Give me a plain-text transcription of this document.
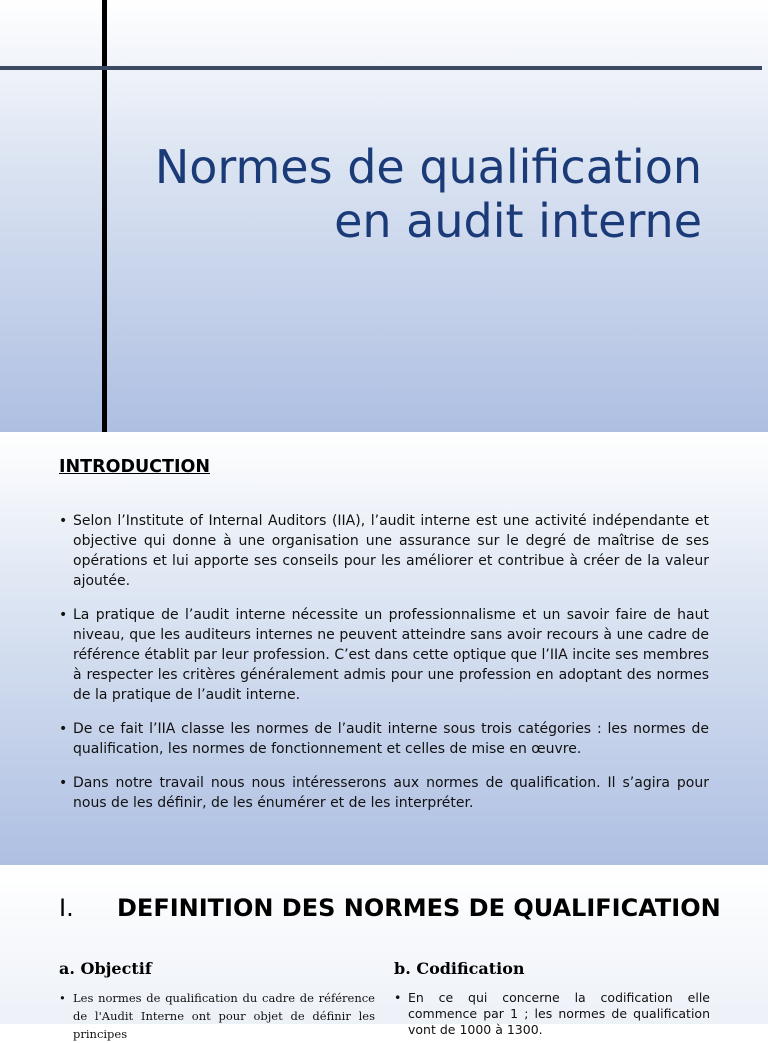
Normes de qualification en audit interne
INTRODUCTION
• Selon l’Institute of Internal Auditors (IIA), l’audit interne est une activité indépendante et objective qui donne à une organisation une assurance sur le degré de maîtrise de ses opérations et lui apporte ses conseils pour les améliorer et contribue à créer de la valeur ajoutée.
• La pratique de l’audit interne nécessite un professionnalisme et un savoir faire de haut niveau, que les auditeurs internes ne peuvent atteindre sans avoir recours à une cadre de référence établit par leur profession. C’est dans cette optique que l’IIA incite ses membres à respecter les critères généralement admis pour une profession en adoptant des normes de la pratique de l’audit interne.
• De ce fait l’IIA classe les normes de l’audit interne sous trois catégories : les normes de qualification, les normes de fonctionnement et celles de mise en œuvre.
• Dans notre travail nous nous intéresserons aux normes de qualification. Il s’agira pour nous de les définir, de les énumérer et de les interpréter.
I. DEFINITION DES NORMES DE QUALIFICATION
a. Objectif
• Les normes de qualification du cadre de référence de l'Audit Interne ont pour objet de définir les principes
b. Codification
• En ce qui concerne la codification elle commence par 1 ; les normes de qualification vont de 1000 à 1300.
